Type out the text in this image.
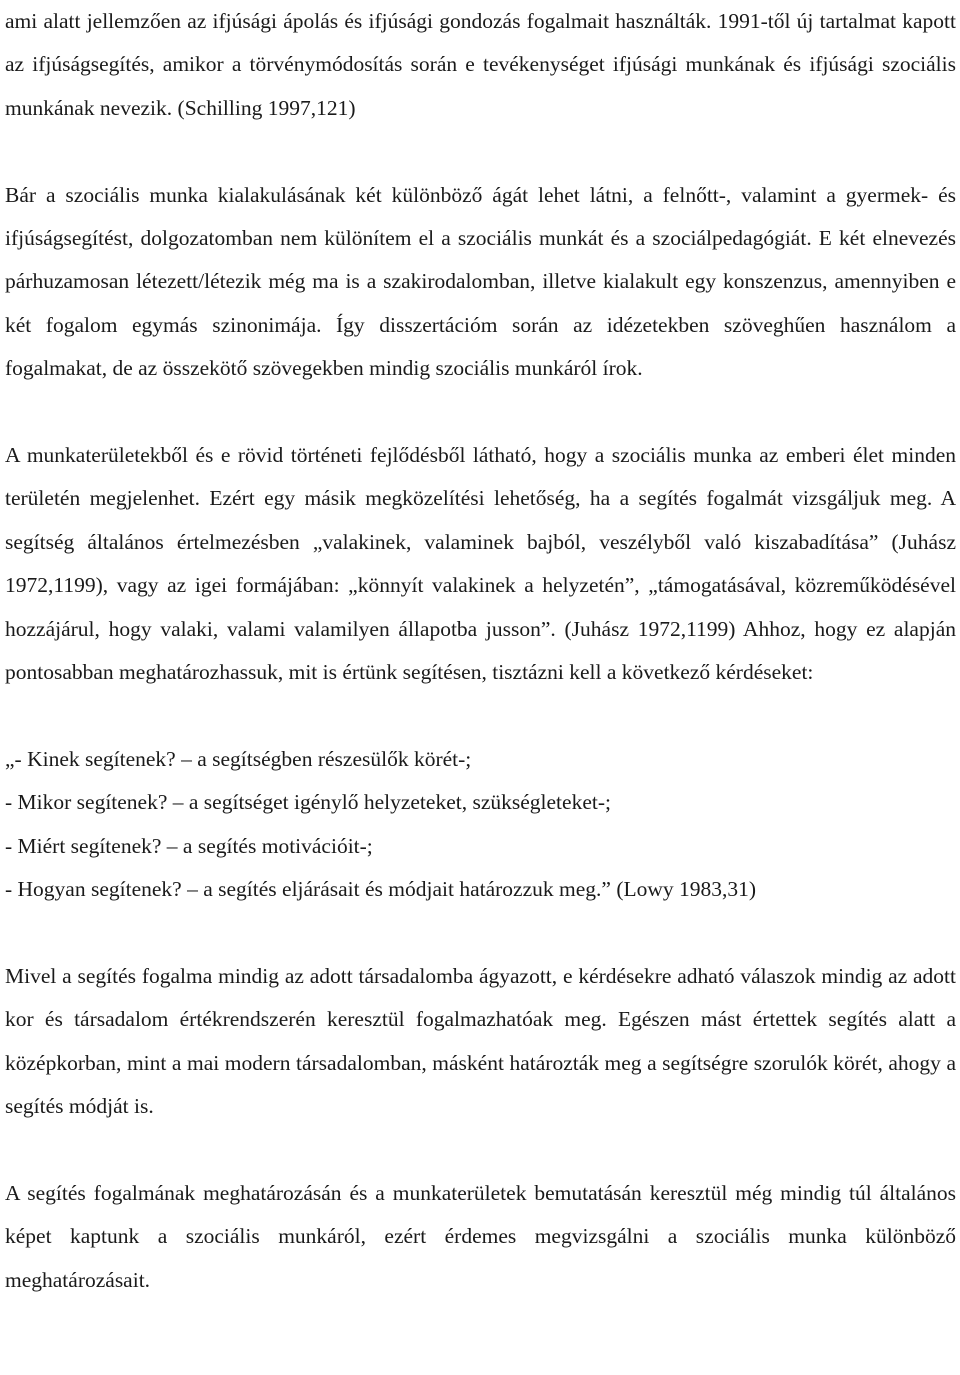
ami alatt jellemzően az ifjúsági ápolás és ifjúsági gondozás fogalmait használták. 1991-től új tartalmat kapott az ifjúságsegítés, amikor a törvénymódosítás során e tevékenységet ifjúsági munkának és ifjúsági szociális munkának nevezik. (Schilling 1997,121)

Bár a szociális munka kialakulásának két különböző ágát lehet látni, a felnőtt-, valamint a gyermek- és ifjúságsegítést, dolgozatomban nem különítem el a szociális munkát és a szociálpedagógiát. E két elnevezés párhuzamosan létezett/létezik még ma is a szakirodalomban, illetve kialakult egy konszenzus, amennyiben e két fogalom egymás szinonimája. Így disszertációm során az idézetekben szöveghűen használom a fogalmakat, de az összekötő szövegekben mindig szociális munkáról írok.

A munkaterületekből és e rövid történeti fejlődésből látható, hogy a szociális munka az emberi élet minden területén megjelenhet. Ezért egy másik megközelítési lehetőség, ha a segítés fogalmát vizsgáljuk meg. A segítség általános értelmezésben „valakinek, valaminek bajból, veszélyből való kiszabadítása” (Juhász 1972,1199), vagy az igei formájában: „könnyít valakinek a helyzetén”, „támogatásával, közreműködésével hozzájárul, hogy valaki, valami valamilyen állapotba jusson”. (Juhász 1972,1199) Ahhoz, hogy ez alapján pontosabban meghatározhassuk, mit is értünk segítésen, tisztázni kell a következő kérdéseket:

„- Kinek segítenek? – a segítségben részesülők körét-;

- Mikor segítenek? – a segítséget igénylő helyzeteket, szükségleteket-;

- Miért segítenek? – a segítés motivációit-;

- Hogyan segítenek? – a segítés eljárásait és módjait határozzuk meg.” (Lowy 1983,31)

Mivel a segítés fogalma mindig az adott társadalomba ágyazott, e kérdésekre adható válaszok mindig az adott kor és társadalom értékrendszerén keresztül fogalmazhatóak meg. Egészen mást értettek segítés alatt a középkorban, mint a mai modern társadalomban, másként határozták meg a segítségre szorulók körét, ahogy a segítés módját is.

A segítés fogalmának meghatározásán és a munkaterületek bemutatásán keresztül még mindig túl általános képet kaptunk a szociális munkáról, ezért érdemes megvizsgálni a szociális munka különböző meghatározásait.
